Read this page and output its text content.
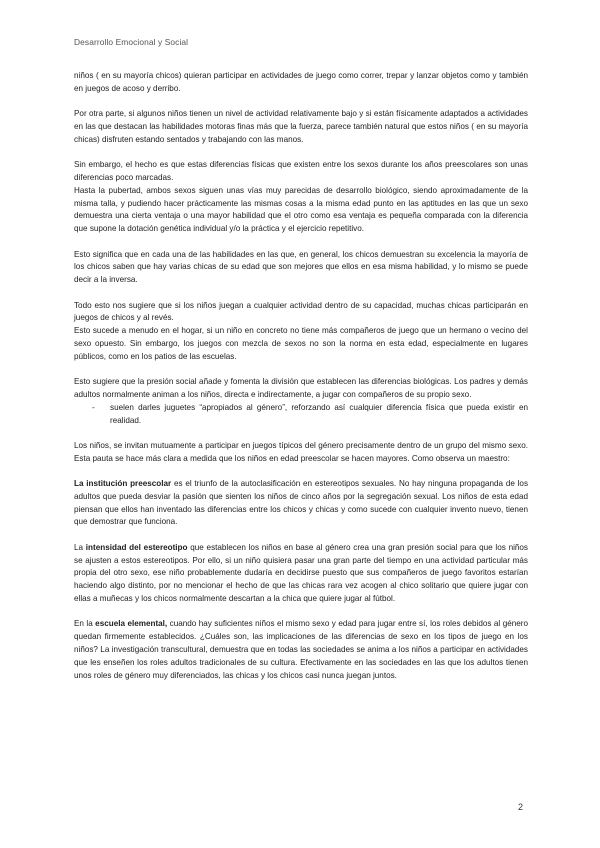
Desarrollo Emocional y Social

niños ( en su mayoría chicos) quieran participar en actividades de juego como correr, trepar y lanzar objetos como y también en juegos de acoso y derribo.

Por otra parte, si algunos niños tienen un nivel de actividad relativamente bajo y si están físicamente adaptados a actividades en las que destacan las habilidades motoras finas más que la fuerza, parece también natural que estos niños ( en su mayoría chicas) disfruten estando sentados y trabajando con las manos.

Sin embargo, el hecho es que estas diferencias físicas que existen entre los sexos durante los años preescolares son unas diferencias poco marcadas.

Hasta la pubertad, ambos sexos siguen unas vías muy parecidas de desarrollo biológico, siendo aproximadamente de la misma talla, y pudiendo hacer prácticamente las mismas cosas a la misma edad punto en las aptitudes en las que un sexo demuestra una cierta ventaja o una mayor habilidad que el otro como esa ventaja es pequeña comparada con la diferencia que supone la dotación genética individual y/o la práctica y el ejercicio repetitivo.

Esto significa que en cada una de las habilidades en las que, en general, los chicos demuestran su excelencia la mayoría de los chicos saben que hay varias chicas de su edad que son mejores que ellos en esa misma habilidad, y lo mismo se puede decir a la inversa.

Todo esto nos sugiere que si los niños juegan a cualquier actividad dentro de su capacidad, muchas chicas participarán en juegos de chicos y al revés.

Esto sucede a menudo en el hogar, si un niño en concreto no tiene más compañeros de juego que un hermano o vecino del sexo opuesto. Sin embargo, los juegos con mezcla de sexos no son la norma en esta edad, especialmente en lugares públicos, como en los patios de las escuelas.

Esto sugiere que la presión social añade y fomenta la división que establecen las diferencias biológicas. Los padres y demás adultos normalmente animan a los niños, directa e indirectamente, a jugar con compañeros de su propio sexo.

- suelen darles juguetes “apropiados al género”, reforzando así cualquier diferencia física que pueda existir en realidad.

Los niños, se invitan mutuamente a participar en juegos típicos del género precisamente dentro de un grupo del mismo sexo. Esta pauta se hace más clara a medida que los niños en edad preescolar se hacen mayores. Como observa un maestro:

La institución preescolar es el triunfo de la autoclasificación en estereotipos sexuales. No hay ninguna propaganda de los adultos que pueda desviar la pasión que sienten los niños de cinco años por la segregación sexual. Los niños de esta edad piensan que ellos han inventado las diferencias entre los chicos y chicas y como sucede con cualquier invento nuevo, tienen que demostrar que funciona.

La intensidad del estereotipo que establecen los niños en base al género crea una gran presión social para que los niños se ajusten a estos estereotipos. Por ello, si un niño quisiera pasar una gran parte del tiempo en una actividad particular más propia del otro sexo, ese niño probablemente dudaría en decidirse puesto que sus compañeros de juego favoritos estarían haciendo algo distinto, por no mencionar el hecho de que las chicas rara vez acogen al chico solitario que quiere jugar con ellas a muñecas y los chicos normalmente descartan a la chica que quiere jugar al fútbol.

En la escuela elemental, cuando hay suficientes niños el mismo sexo y edad para jugar entre sí, los roles debidos al género quedan firmemente establecidos. ¿Cuáles son, las implicaciones de las diferencias de sexo en los tipos de juego en los niños? La investigación transcultural, demuestra que en todas las sociedades se anima a los niños a participar en actividades que les enseñen los roles adultos tradicionales de su cultura. Efectivamente en las sociedades en las que los adultos tienen unos roles de género muy diferenciados, las chicas y los chicos casi nunca juegan juntos.

2
